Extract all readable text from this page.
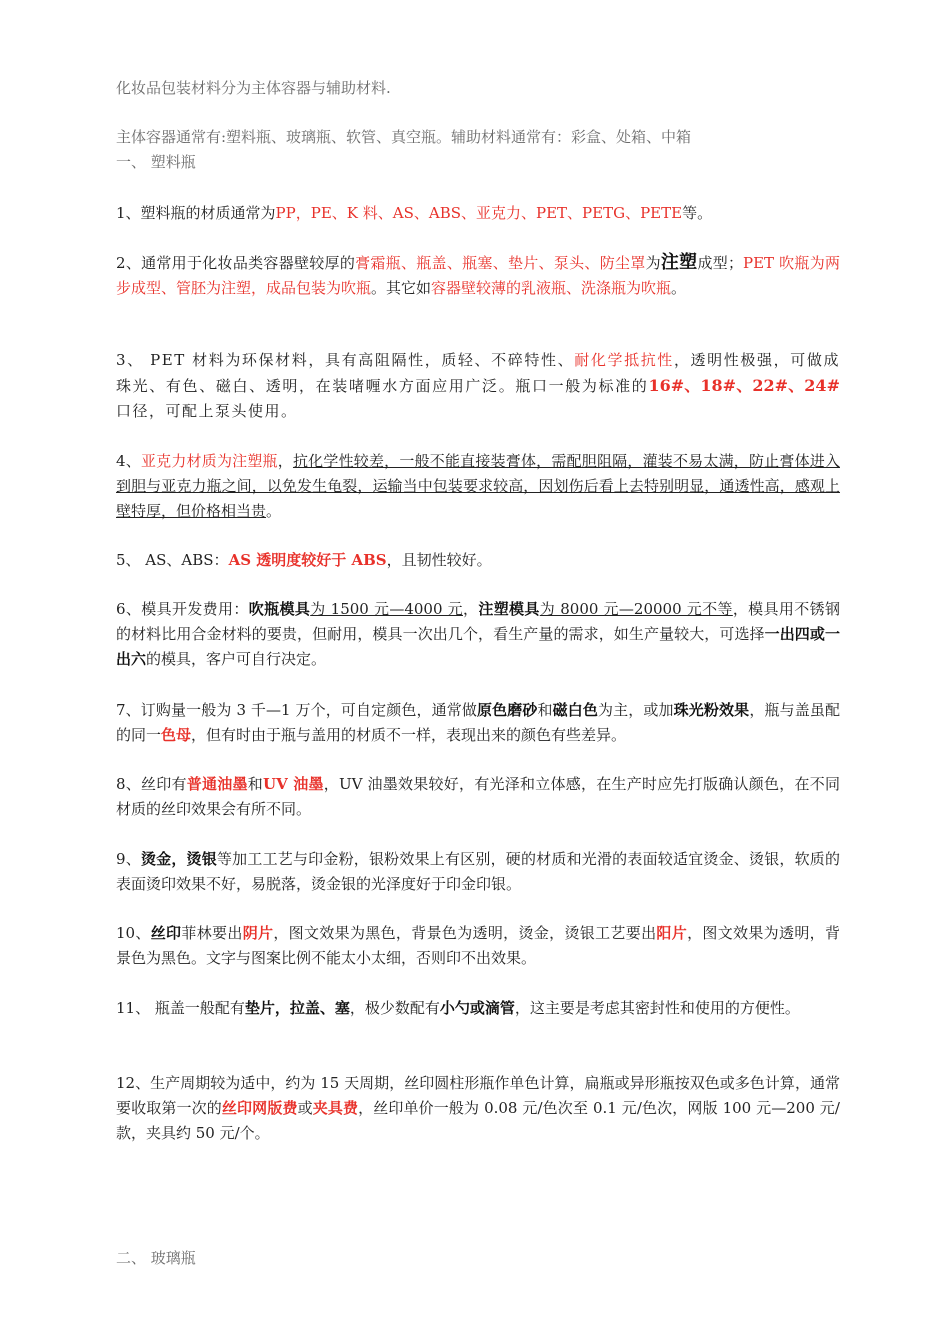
化妆品包装材料分为主体容器与辅助材料.
主体容器通常有:塑料瓶、玻璃瓶、软管、真空瓶。辅助材料通常有：彩盒、处箱、中箱
一、 塑料瓶

1、塑料瓶的材质通常为PP，PE、K 料、AS、ABS、亚克力、PET、PETG、PETE等。

2、通常用于化妆品类容器壁较厚的膏霜瓶、瓶盖、瓶塞、垫片、泵头、防尘罩为注塑成型；PET 吹瓶为两步成型、管胚为注塑，成品包装为吹瓶。其它如容器壁较薄的乳液瓶、洗涤瓶为吹瓶。

3、 PET 材料为环保材料，具有高阻隔性，质轻、不碎特性、耐化学抵抗性，透明性极强，可做成珠光、有色、磁白、透明，在装啫喱水方面应用广泛。瓶口一般为标准的16#、18#、22#、24#口径，可配上泵头使用。

4、亚克力材质为注塑瓶，抗化学性较差，一般不能直接装膏体，需配胆阻隔，灌装不易太满，防止膏体进入到胆与亚克力瓶之间，以免发生龟裂，运输当中包装要求较高，因划伤后看上去特别明显，通透性高，感观上壁特厚，但价格相当贵。

5、 AS、ABS：AS 透明度较好于 ABS，且韧性较好。

6、模具开发费用：吹瓶模具为 1500 元—4000 元，注塑模具为 8000 元—20000 元不等，模具用不锈钢的材料比用合金材料的要贵，但耐用，模具一次出几个，看生产量的需求，如生产量较大，可选择一出四或一出六的模具，客户可自行决定。

7、订购量一般为 3 千—1 万个，可自定颜色，通常做原色磨砂和磁白色为主，或加珠光粉效果，瓶与盖虽配的同一色母，但有时由于瓶与盖用的材质不一样，表现出来的颜色有些差异。

8、丝印有普通油墨和UV 油墨，UV 油墨效果较好，有光泽和立体感，在生产时应先打版确认颜色，在不同材质的丝印效果会有所不同。

9、烫金，烫银等加工工艺与印金粉，银粉效果上有区别，硬的材质和光滑的表面较适宜烫金、烫银，软质的表面烫印效果不好，易脱落，烫金银的光泽度好于印金印银。

10、丝印菲林要出阴片，图文效果为黑色，背景色为透明，烫金，烫银工艺要出阳片，图文效果为透明，背景色为黑色。文字与图案比例不能太小太细，否则印不出效果。

11、 瓶盖一般配有垫片，拉盖、塞，极少数配有小勺或滴管，这主要是考虑其密封性和使用的方便性。

12、生产周期较为适中，约为 15 天周期，丝印圆柱形瓶作单色计算，扁瓶或异形瓶按双色或多色计算，通常要收取第一次的丝印网版费或夹具费，丝印单价一般为 0.08 元/色次至 0.1 元/色次，网版 100 元—200 元/款，夹具约 50 元/个。

二、 玻璃瓶
